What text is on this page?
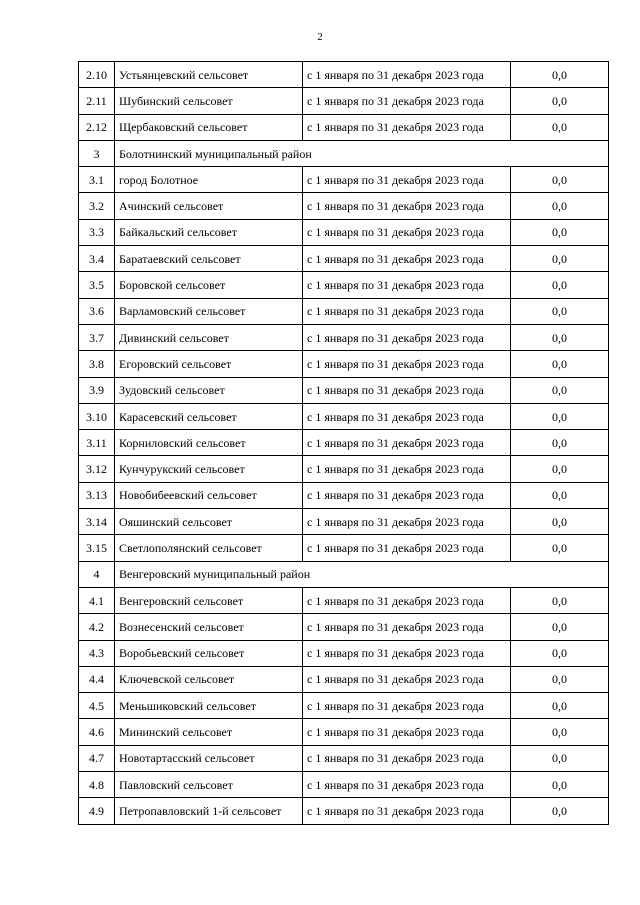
2
2.10	Устьянцевский сельсовет	с 1 января по 31 декабря 2023 года	0,0
2.11	Шубинский сельсовет	с 1 января по 31 декабря 2023 года	0,0
2.12	Щербаковский сельсовет	с 1 января по 31 декабря 2023 года	0,0
3	Болотнинский муниципальный район		
3.1	город Болотное	с 1 января по 31 декабря 2023 года	0,0
3.2	Ачинский сельсовет	с 1 января по 31 декабря 2023 года	0,0
3.3	Байкальский сельсовет	с 1 января по 31 декабря 2023 года	0,0
3.4	Баратаевский сельсовет	с 1 января по 31 декабря 2023 года	0,0
3.5	Боровской сельсовет	с 1 января по 31 декабря 2023 года	0,0
3.6	Варламовский сельсовет	с 1 января по 31 декабря 2023 года	0,0
3.7	Дивинский сельсовет	с 1 января по 31 декабря 2023 года	0,0
3.8	Егоровский сельсовет	с 1 января по 31 декабря 2023 года	0,0
3.9	Зудовский сельсовет	с 1 января по 31 декабря 2023 года	0,0
3.10	Карасевский сельсовет	с 1 января по 31 декабря 2023 года	0,0
3.11	Корниловский сельсовет	с 1 января по 31 декабря 2023 года	0,0
3.12	Кунчурукский сельсовет	с 1 января по 31 декабря 2023 года	0,0
3.13	Новобибеевский сельсовет	с 1 января по 31 декабря 2023 года	0,0
3.14	Ояшинский сельсовет	с 1 января по 31 декабря 2023 года	0,0
3.15	Светлополянский сельсовет	с 1 января по 31 декабря 2023 года	0,0
4	Венгеровский муниципальный район		
4.1	Венгеровский сельсовет	с 1 января по 31 декабря 2023 года	0,0
4.2	Вознесенский сельсовет	с 1 января по 31 декабря 2023 года	0,0
4.3	Воробьевский сельсовет	с 1 января по 31 декабря 2023 года	0,0
4.4	Ключевской сельсовет	с 1 января по 31 декабря 2023 года	0,0
4.5	Меньшиковский сельсовет	с 1 января по 31 декабря 2023 года	0,0
4.6	Мининский сельсовет	с 1 января по 31 декабря 2023 года	0,0
4.7	Новотартасский сельсовет	с 1 января по 31 декабря 2023 года	0,0
4.8	Павловский сельсовет	с 1 января по 31 декабря 2023 года	0,0
4.9	Петропавловский 1-й сельсовет	с 1 января по 31 декабря 2023 года	0,0
